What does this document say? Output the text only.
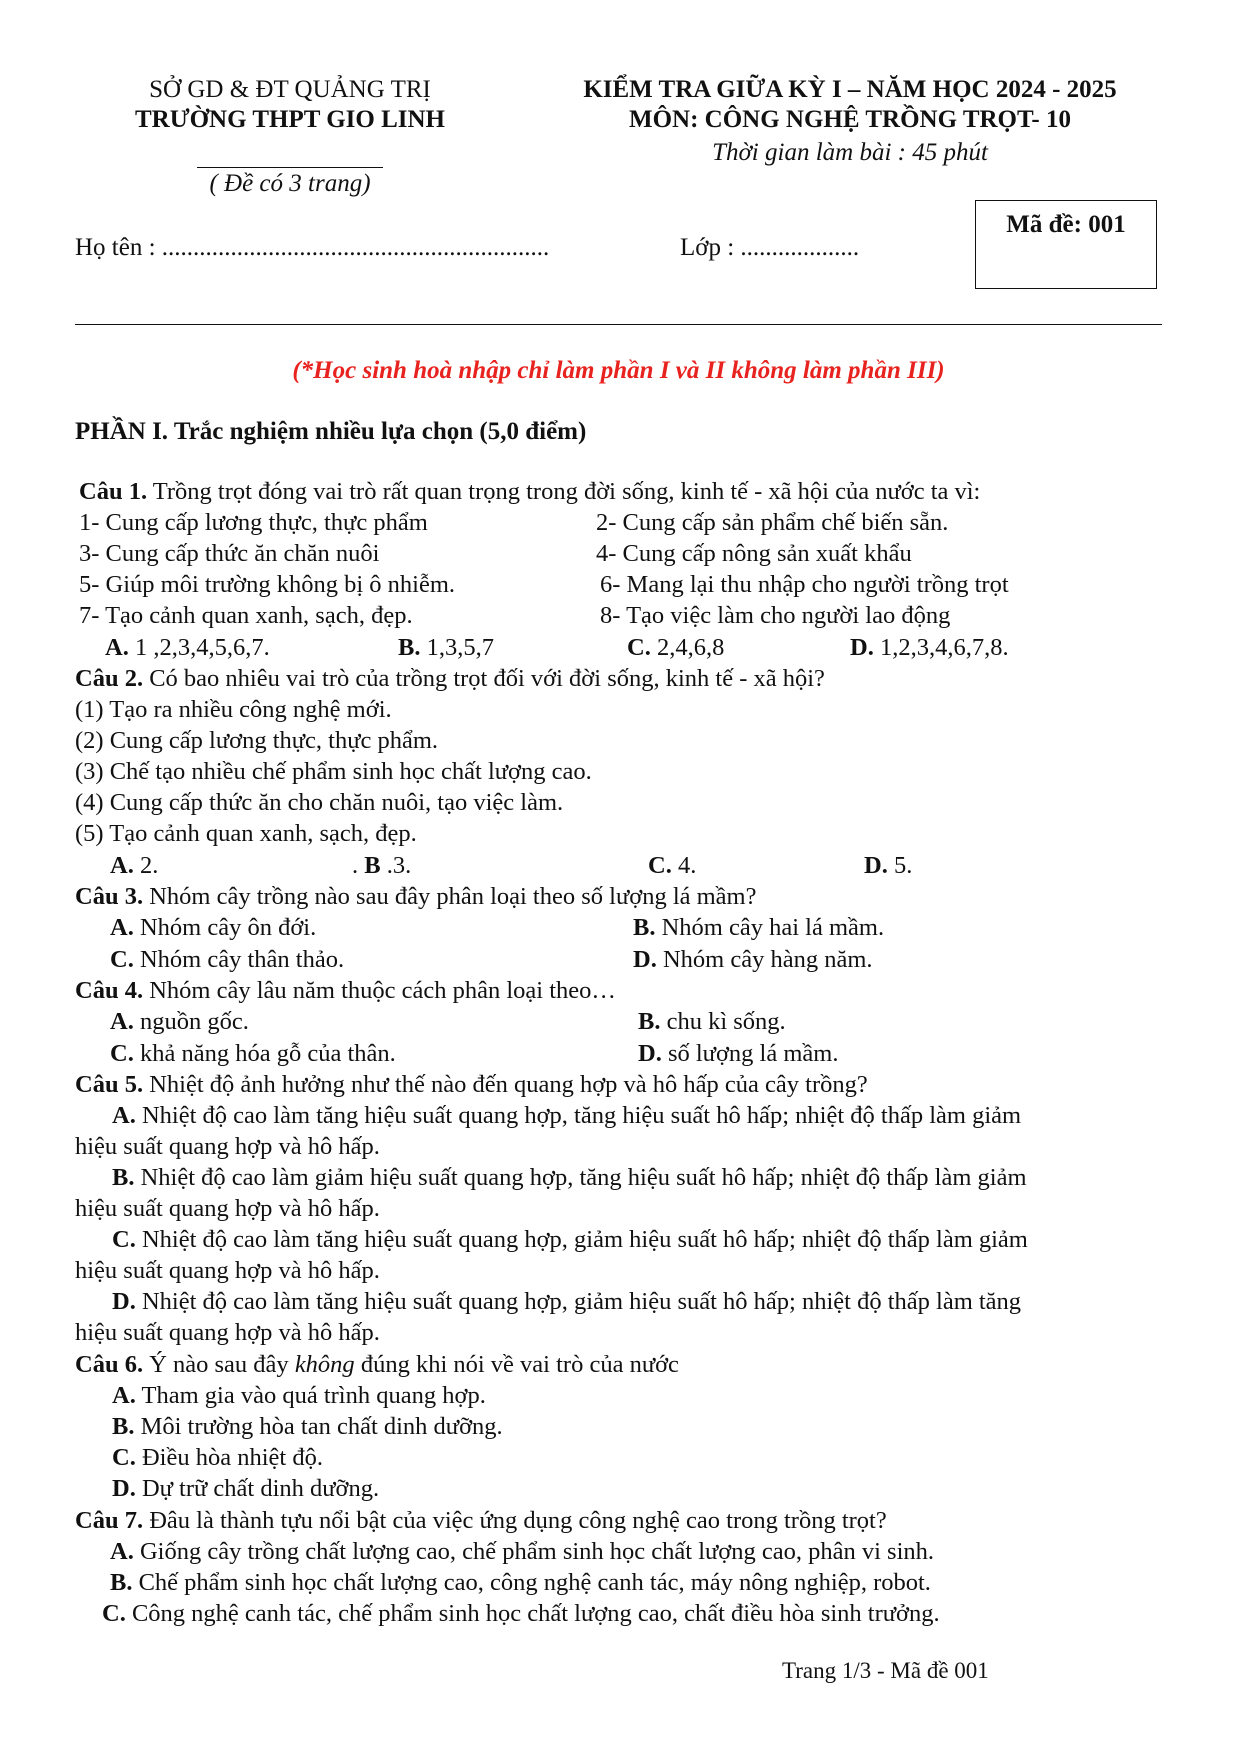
SỞ GD & ĐT QUẢNG TRỊ
TRƯỜNG THPT GIO LINH
( Đề có 3 trang)
KIỂM TRA GIỮA KỲ I – NĂM HỌC 2024 - 2025
MÔN: CÔNG NGHỆ TRỒNG TRỌT- 10
Thời gian làm bài : 45 phút
Họ tên : ..............................................................	Lớp : ...................
Mã đề: 001
(*Học sinh hoà nhập chỉ làm phần I và II không làm phần III)
PHẦN I. Trắc nghiệm nhiều lựa chọn (5,0 điểm)
Câu 1. Trồng trọt đóng vai trò rất quan trọng trong đời sống, kinh tế - xã hội của nước ta vì:
1- Cung cấp lương thực, thực phẩm	2- Cung cấp sản phẩm chế biến sẵn.
3- Cung cấp thức ăn chăn nuôi	4- Cung cấp nông sản xuất khẩu
5- Giúp môi trường không bị ô nhiễm.	6- Mang lại thu nhập cho người trồng trọt
7- Tạo cảnh quan xanh, sạch, đẹp.	8- Tạo việc làm cho người lao động
A. 1 ,2,3,4,5,6,7.	B. 1,3,5,7	C. 2,4,6,8	D. 1,2,3,4,6,7,8.
Câu 2. Có bao nhiêu vai trò của trồng trọt đối với đời sống, kinh tế - xã hội?
(1) Tạo ra nhiều công nghệ mới.
(2) Cung cấp lương thực, thực phẩm.
(3) Chế tạo nhiều chế phẩm sinh học chất lượng cao.
(4) Cung cấp thức ăn cho chăn nuôi, tạo việc làm.
(5) Tạo cảnh quan xanh, sạch, đẹp.
A. 2.	. B .3.	C. 4.	D. 5.
Câu 3. Nhóm cây trồng nào sau đây phân loại theo số lượng lá mầm?
A. Nhóm cây ôn đới.	B. Nhóm cây hai lá mầm.
C. Nhóm cây thân thảo.	D. Nhóm cây hàng năm.
Câu 4. Nhóm cây lâu năm thuộc cách phân loại theo…
A. nguồn gốc.	B. chu kì sống.
C. khả năng hóa gỗ của thân.	D. số lượng lá mầm.
Câu 5. Nhiệt độ ảnh hưởng như thế nào đến quang hợp và hô hấp của cây trồng?
A. Nhiệt độ cao làm tăng hiệu suất quang hợp, tăng hiệu suất hô hấp; nhiệt độ thấp làm giảm
hiệu suất quang hợp và hô hấp.
B. Nhiệt độ cao làm giảm hiệu suất quang hợp, tăng hiệu suất hô hấp; nhiệt độ thấp làm giảm
hiệu suất quang hợp và hô hấp.
C. Nhiệt độ cao làm tăng hiệu suất quang hợp, giảm hiệu suất hô hấp; nhiệt độ thấp làm giảm
hiệu suất quang hợp và hô hấp.
D. Nhiệt độ cao làm tăng hiệu suất quang hợp, giảm hiệu suất hô hấp; nhiệt độ thấp làm tăng
hiệu suất quang hợp và hô hấp.
Câu 6. Ý nào sau đây không đúng khi nói về vai trò của nước
A. Tham gia vào quá trình quang hợp.
B. Môi trường hòa tan chất dinh dưỡng.
C. Điều hòa nhiệt độ.
D. Dự trữ chất dinh dưỡng.
Câu 7. Đâu là thành tựu nổi bật của việc ứng dụng công nghệ cao trong trồng trọt?
A. Giống cây trồng chất lượng cao, chế phẩm sinh học chất lượng cao, phân vi sinh.
B. Chế phẩm sinh học chất lượng cao, công nghệ canh tác, máy nông nghiệp, robot.
C. Công nghệ canh tác, chế phẩm sinh học chất lượng cao, chất điều hòa sinh trưởng.
Trang 1/3 - Mã đề 001
